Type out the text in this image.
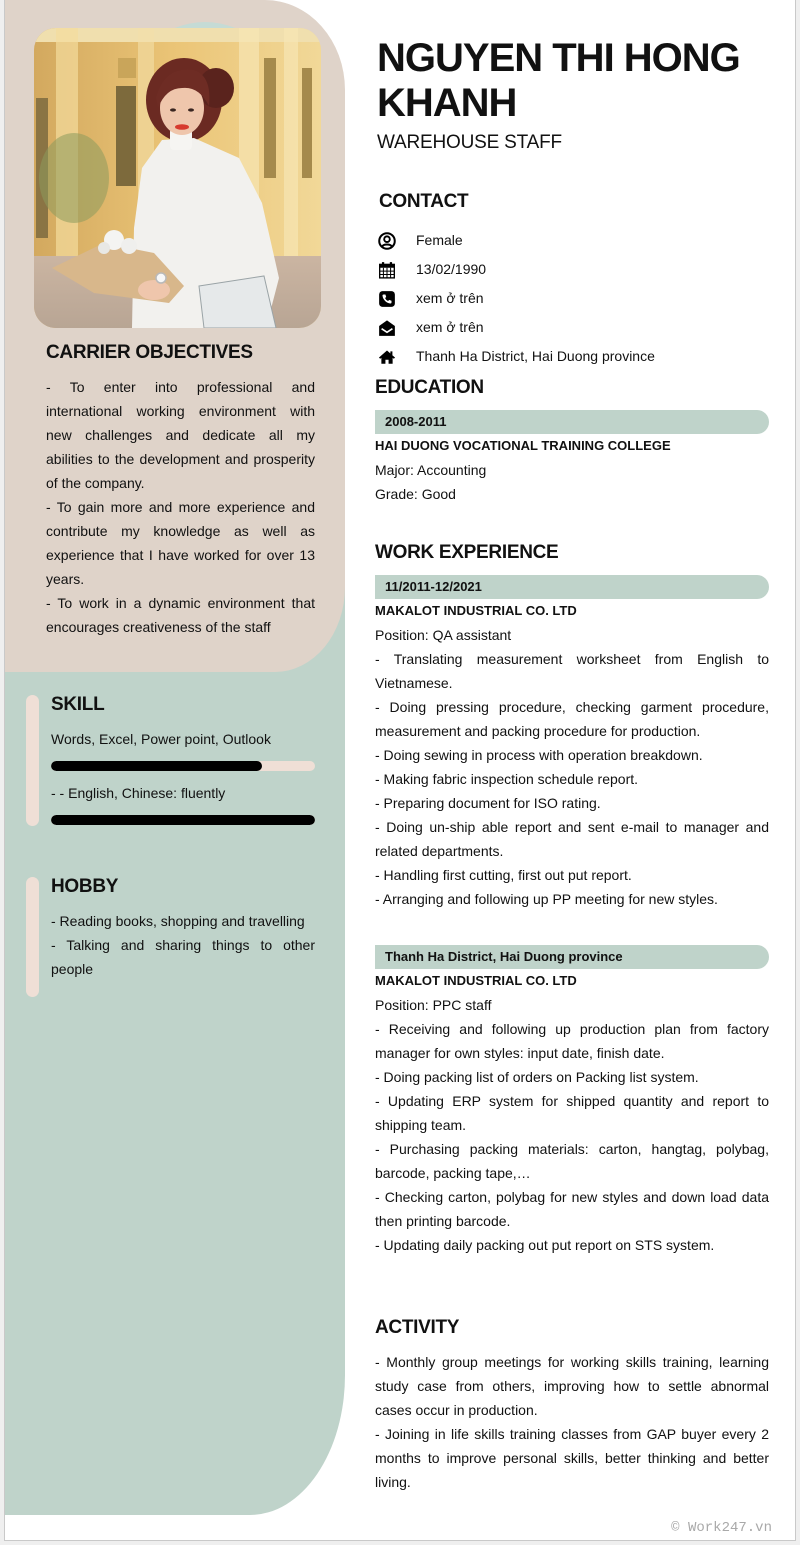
CARRIER OBJECTIVES
- To enter into professional and
international working environment with
new challenges and dedicate all my
abilities to the development and prosperity
of the company.
- To gain more and more experience and
contribute my knowledge as well as
experience that I have worked for over 13
years.
- To work in a dynamic environment that
encourages creativeness of the staff
SKILL
Words, Excel, Power point, Outlook
- - English, Chinese: fluently
HOBBY
- Reading books, shopping and travelling
- Talking and sharing things to other
people
NGUYEN THI HONG KHANH
WAREHOUSE STAFF
CONTACT
Female
13/02/1990
xem ở trên
xem ở trên
Thanh Ha District, Hai Duong province
EDUCATION
2008-2011
HAI DUONG VOCATIONAL TRAINING COLLEGE
Major: Accounting
Grade: Good
WORK EXPERIENCE
11/2011-12/2021
MAKALOT INDUSTRIAL CO. LTD
Position: QA assistant
- Translating measurement worksheet from English to
Vietnamese.
- Doing pressing procedure, checking garment procedure,
measurement and packing procedure for production.
- Doing sewing in process with operation breakdown.
- Making fabric inspection schedule report.
- Preparing document for ISO rating.
- Doing un-ship able report and sent e-mail to manager and
related departments.
- Handling first cutting, first out put report.
- Arranging and following up PP meeting for new styles.
Thanh Ha District, Hai Duong province
MAKALOT INDUSTRIAL CO. LTD
Position: PPC staff
- Receiving and following up production plan from factory
manager for own styles: input date, finish date.
- Doing packing list of orders on Packing list system.
- Updating ERP system for shipped quantity and report to
shipping team.
- Purchasing packing materials: carton, hangtag, polybag,
barcode, packing tape,…
- Checking carton, polybag for new styles and down load data
then printing barcode.
- Updating daily packing out put report on STS system.
ACTIVITY
- Monthly group meetings for working skills training, learning
study case from others, improving how to settle abnormal
cases occur in production.
- Joining in life skills training classes from GAP buyer every 2
months to improve personal skills, better thinking and better
living.
© Work247.vn
